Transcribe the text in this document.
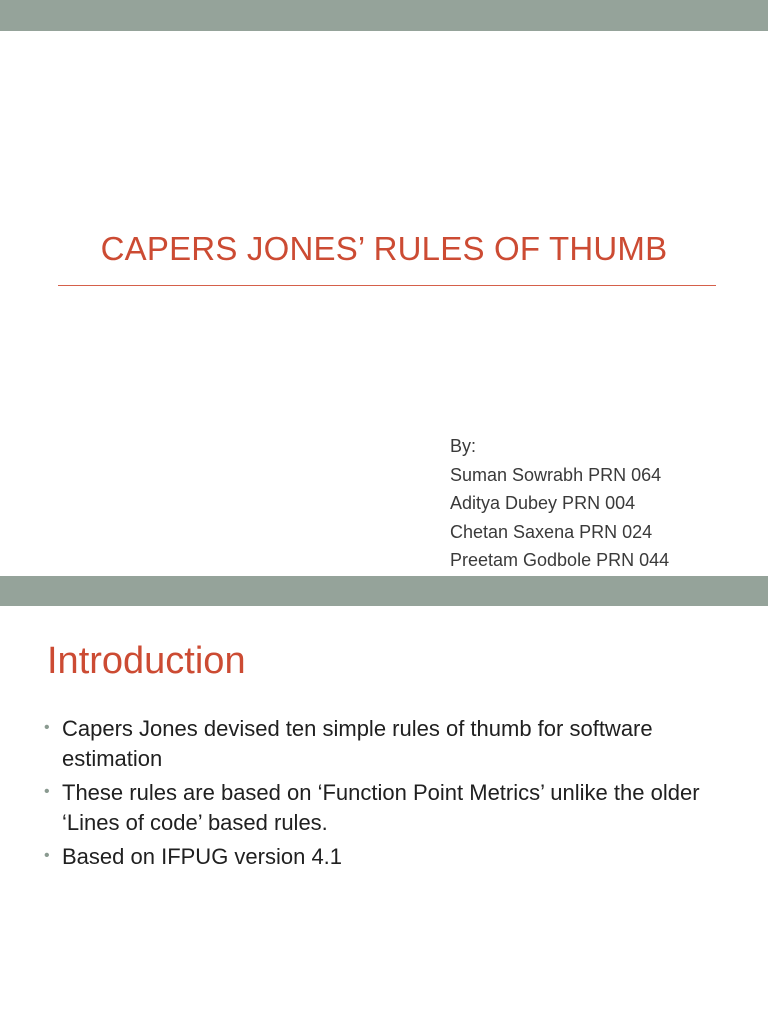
CAPERS JONES’ RULES OF THUMB
By:
Suman Sowrabh PRN 064
Aditya Dubey PRN 004
Chetan Saxena PRN 024
Preetam Godbole PRN 044
Introduction
• Capers Jones devised ten simple rules of thumb for software estimation
• These rules are based on ‘Function Point Metrics’ unlike the older ‘Lines of code’ based rules.
• Based on IFPUG version 4.1
